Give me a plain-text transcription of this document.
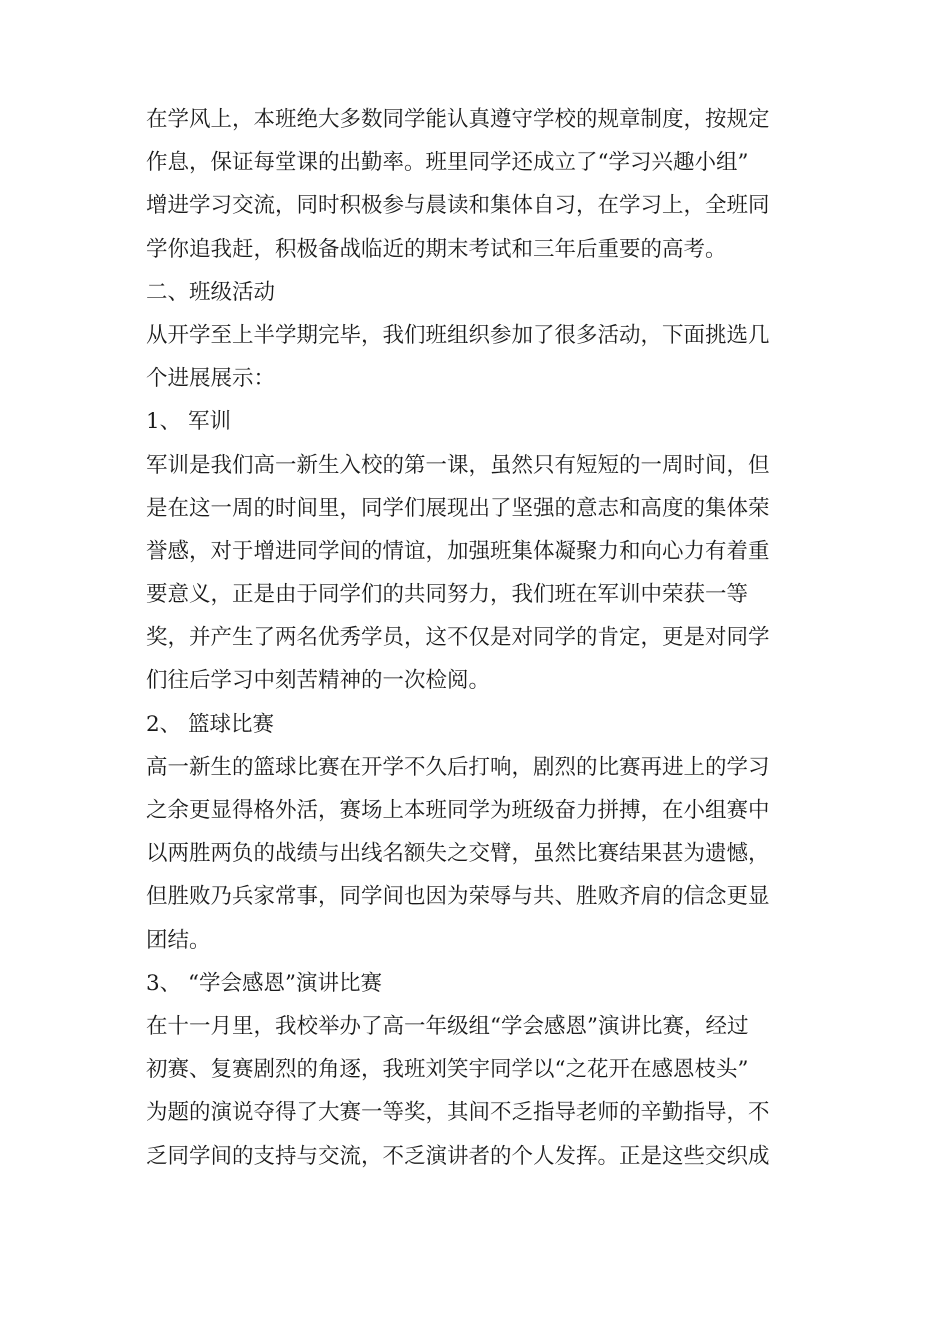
在学风上，本班绝大多数同学能认真遵守学校的规章制度，按规定
作息，保证每堂课的出勤率。班里同学还成立了“学习兴趣小组”
增进学习交流，同时积极参与晨读和集体自习，在学习上，全班同
学你追我赶，积极备战临近的期末考试和三年后重要的高考。
二、班级活动
从开学至上半学期完毕，我们班组织参加了很多活动，下面挑选几
个进展展示：
1、 军训
军训是我们高一新生入校的第一课，虽然只有短短的一周时间，但
是在这一周的时间里，同学们展现出了坚强的意志和高度的集体荣
誉感，对于增进同学间的情谊，加强班集体凝聚力和向心力有着重
要意义，正是由于同学们的共同努力，我们班在军训中荣获一等
奖，并产生了两名优秀学员，这不仅是对同学的肯定，更是对同学
们往后学习中刻苦精神的一次检阅。
2、 篮球比赛
高一新生的篮球比赛在开学不久后打响，剧烈的比赛再进上的学习
之余更显得格外活，赛场上本班同学为班级奋力拼搏，在小组赛中
以两胜两负的战绩与出线名额失之交臂，虽然比赛结果甚为遗憾，
但胜败乃兵家常事，同学间也因为荣辱与共、胜败齐肩的信念更显
团结。
3、 “学会感恩”演讲比赛
在十一月里，我校举办了高一年级组“学会感恩”演讲比赛，经过
初赛、复赛剧烈的角逐，我班刘笑宇同学以“之花开在感恩枝头”
为题的演说夺得了大赛一等奖，其间不乏指导老师的辛勤指导，不
乏同学间的支持与交流，不乏演讲者的个人发挥。正是这些交织成
